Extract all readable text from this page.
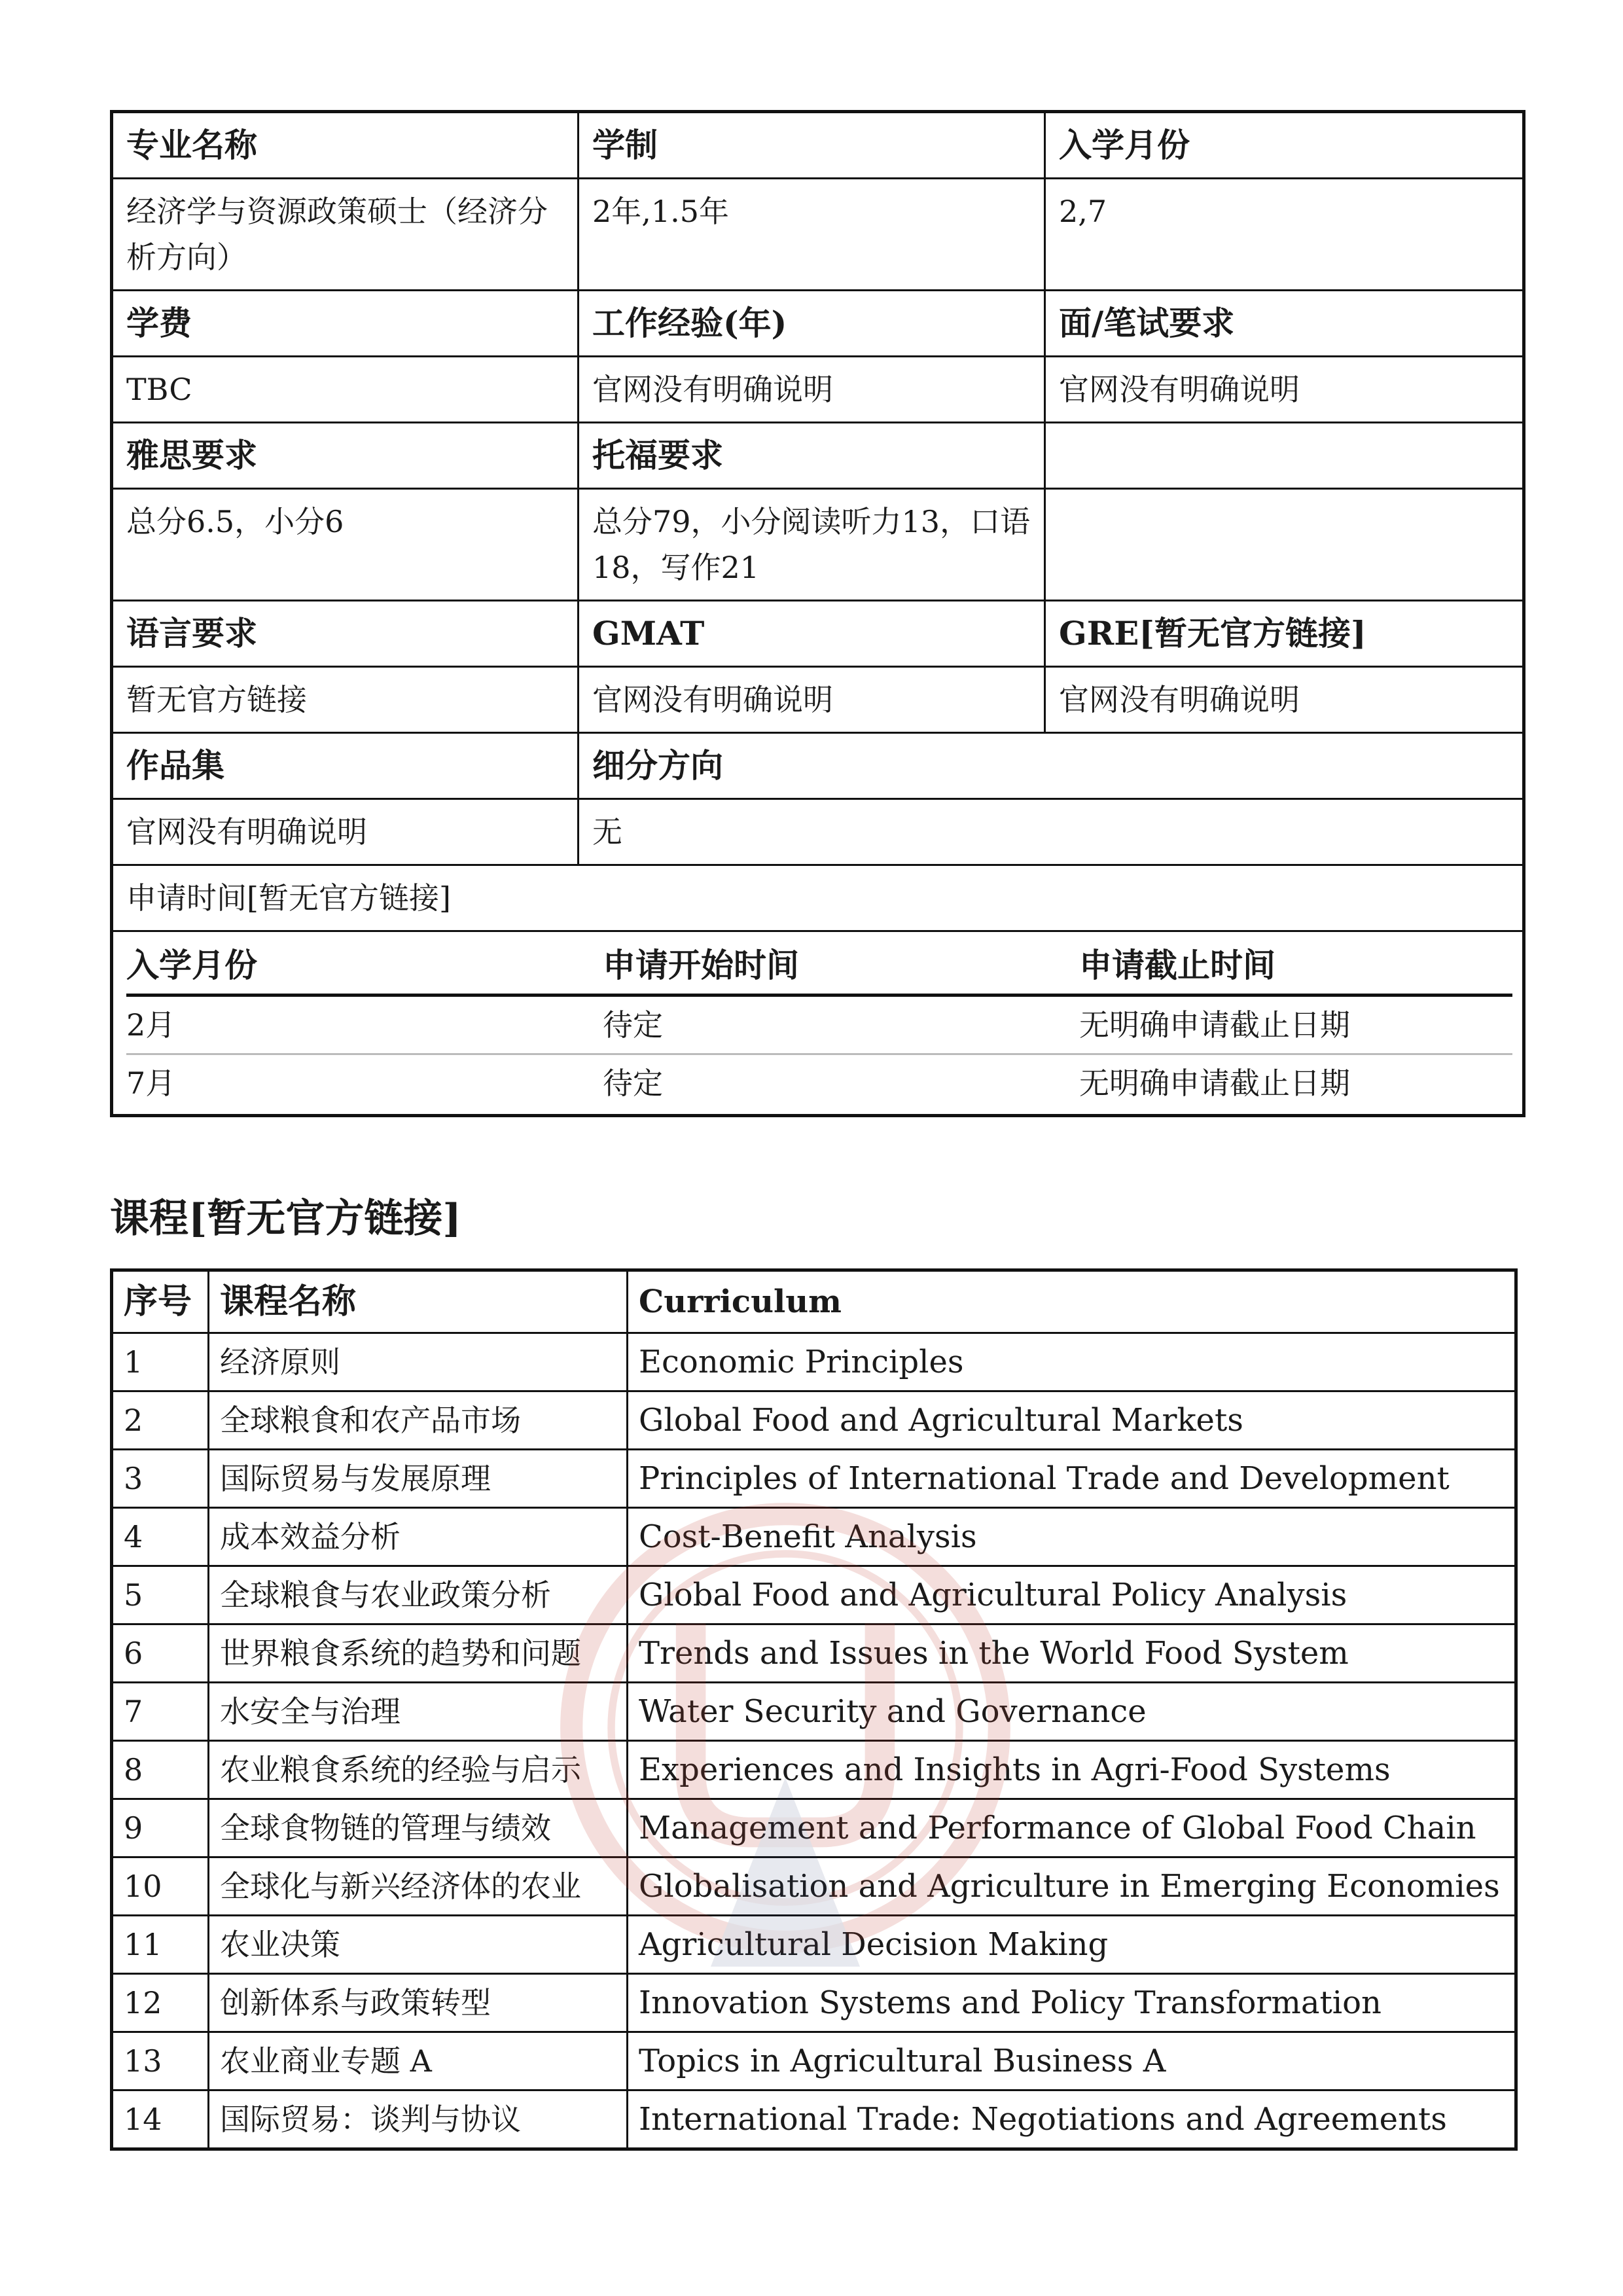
专业名称	学制	入学月份
经济学与资源政策硕士（经济分析方向）	2年,1.5年	2,7
学费	工作经验(年)	面/笔试要求
TBC	官网没有明确说明	官网没有明确说明
雅思要求	托福要求	
总分6.5，小分6	总分79，小分阅读听力13，口语18，写作21	
语言要求	GMAT	GRE[暂无官方链接]
暂无官方链接	官网没有明确说明	官网没有明确说明
作品集	细分方向
官网没有明确说明	无
申请时间[暂无官方链接]

入学月份	申请开始时间	申请截止时间
2月	待定	无明确申请截止日期
7月	待定	无明确申请截止日期
课程[暂无官方链接]
序号	课程名称	Curriculum
1	经济原则	Economic Principles
2	全球粮食和农产品市场	Global Food and Agricultural Markets
3	国际贸易与发展原理	Principles of International Trade and Development
4	成本效益分析	Cost-Benefit Analysis
5	全球粮食与农业政策分析	Global Food and Agricultural Policy Analysis
6	世界粮食系统的趋势和问题	Trends and Issues in the World Food System
7	水安全与治理	Water Security and Governance
8	农业粮食系统的经验与启示	Experiences and Insights in Agri-Food Systems
9	全球食物链的管理与绩效	Management and Performance of Global Food Chain
10	全球化与新兴经济体的农业	Globalisation and Agriculture in Emerging Economies
11	农业决策	Agricultural Decision Making
12	创新体系与政策转型	Innovation Systems and Policy Transformation
13	农业商业专题 A	Topics in Agricultural Business A
14	国际贸易：谈判与协议	International Trade: Negotiations and Agreements
